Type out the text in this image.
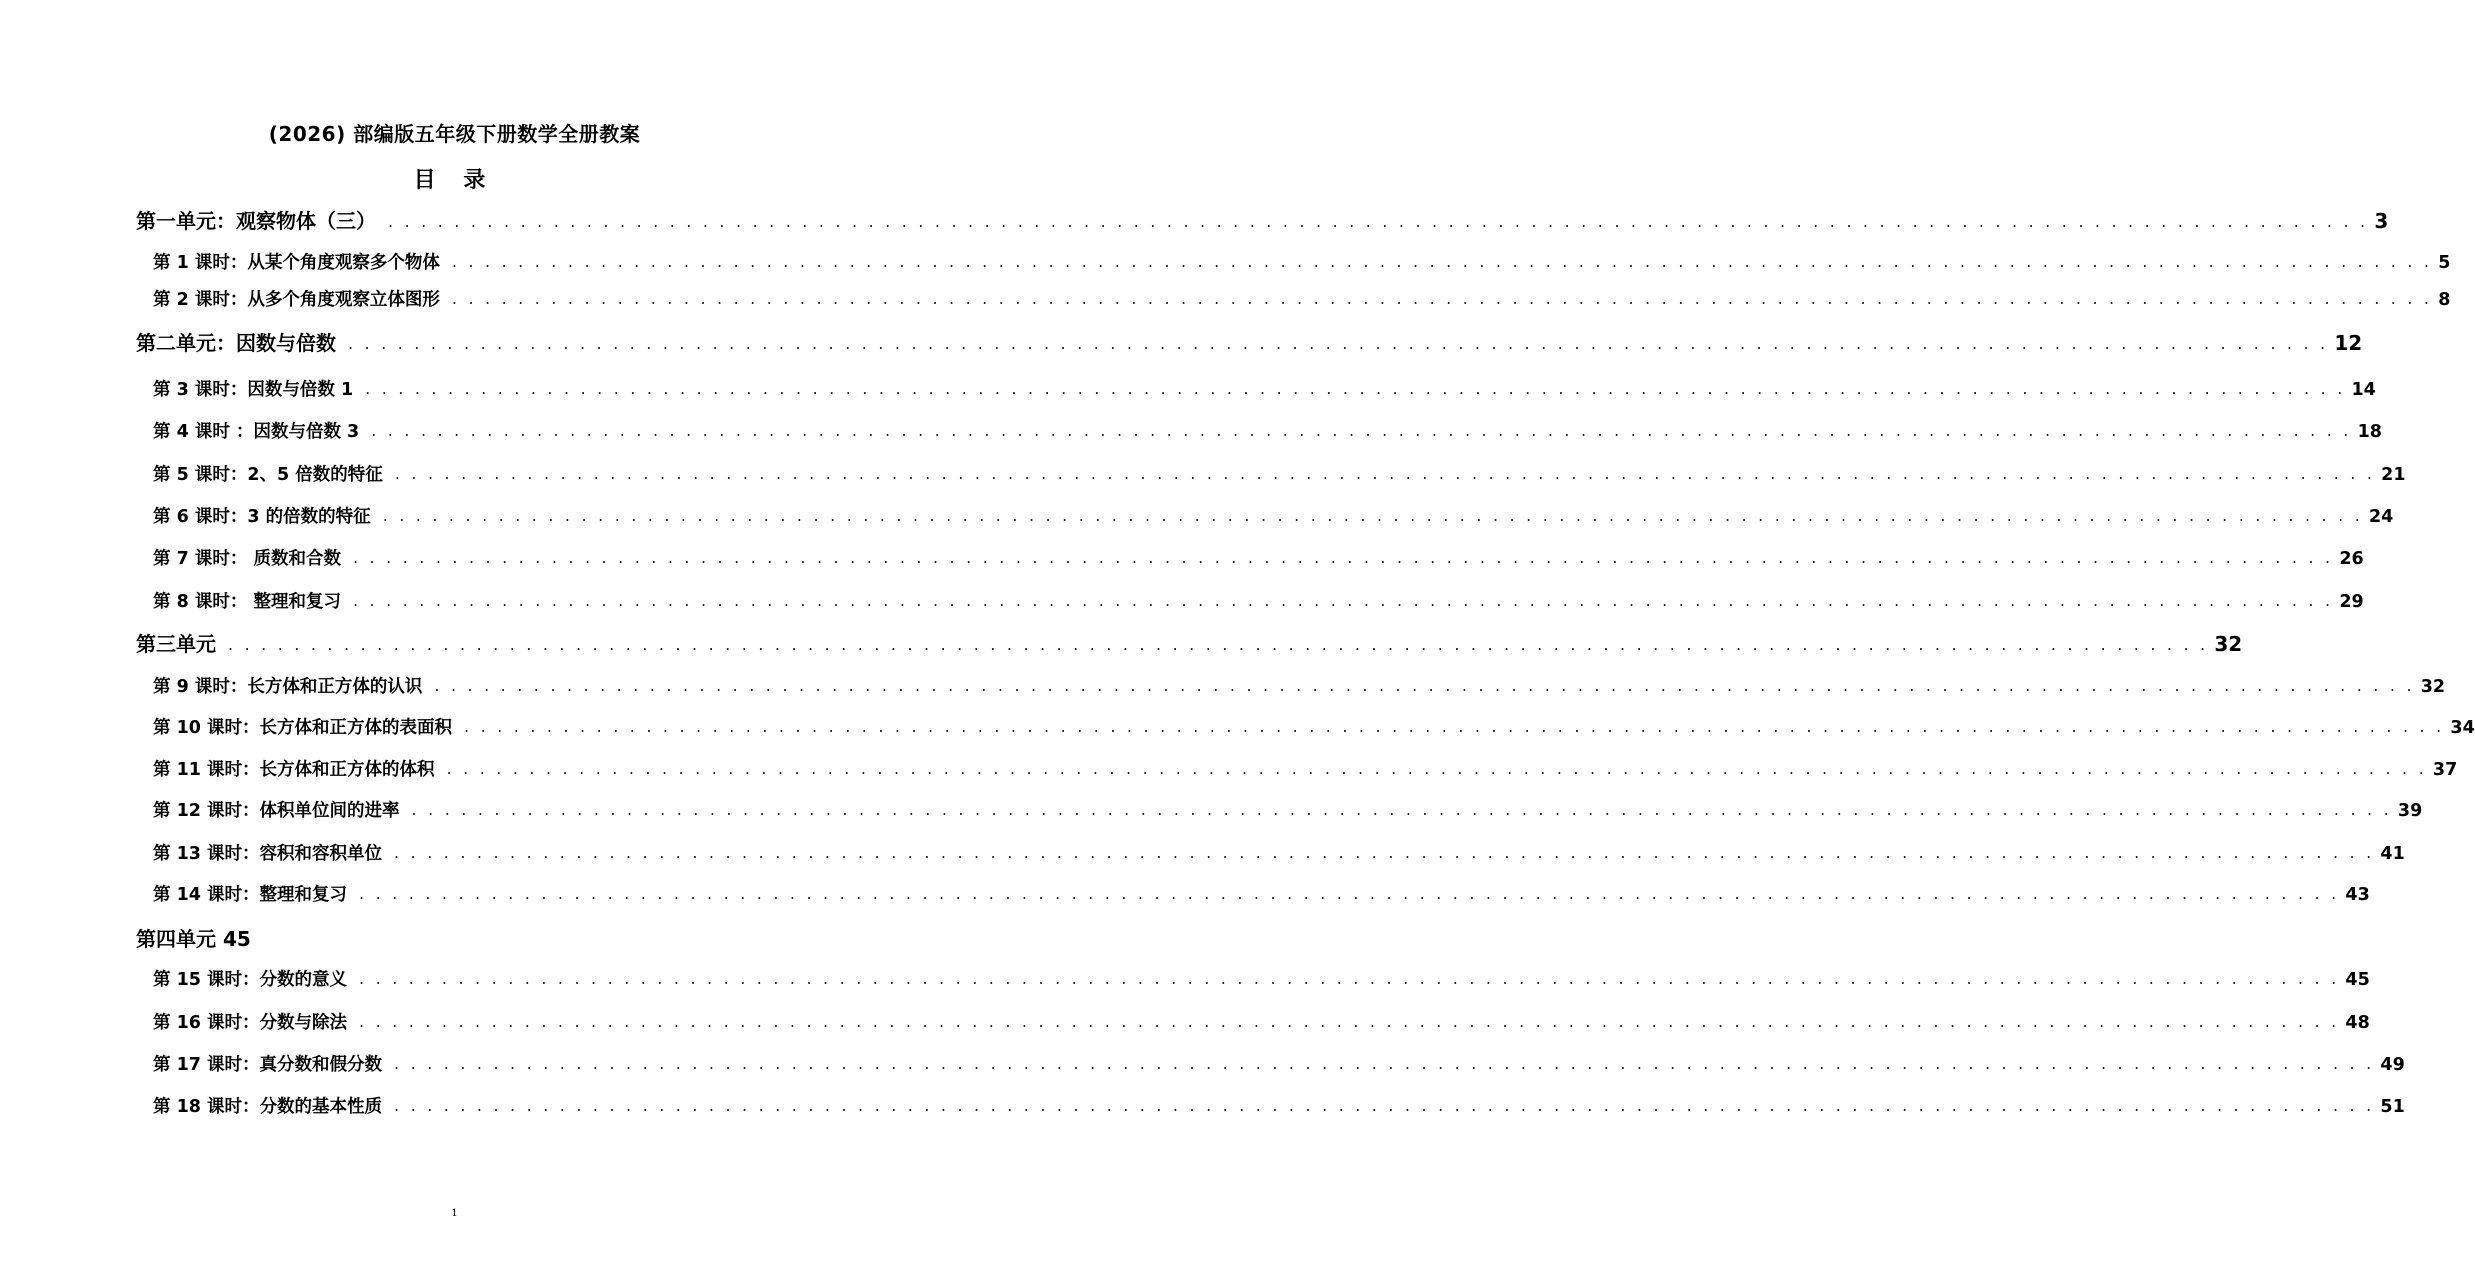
(2026) 部编版五年级下册数学全册教案
目 录
第一单元：观察物体（三） . . . . . . . . . . . . . . . . . . . . . . . . . . . . . . . . . . . . . . . . . . . . . . . . . . . . . . . . . . . . . . . . . . . . . . . . . . . . . . . . . . . . . . . . . . . . . . . . . . . . . . . . . . . . . . . . . . . . . . . . 3
第 1 课时：从某个角度观察多个物体 . . . . . . . . . . . . . . . . . . . . . . . . . . . . . . . . . . . . . . . . . . . . . . . . . . . . . . . . . . . . . . . . . . . . . . . . . . . . . . . . . . . . . . . . . . . . . . . . . . . . . . . . . . . . . . . . . . . . . . . . 5
第 2 课时：从多个角度观察立体图形 . . . . . . . . . . . . . . . . . . . . . . . . . . . . . . . . . . . . . . . . . . . . . . . . . . . . . . . . . . . . . . . . . . . . . . . . . . . . . . . . . . . . . . . . . . . . . . . . . . . . . . . . . . . . . . . . . . . . . . . . 8
第二单元：因数与倍数 . . . . . . . . . . . . . . . . . . . . . . . . . . . . . . . . . . . . . . . . . . . . . . . . . . . . . . . . . . . . . . . . . . . . . . . . . . . . . . . . . . . . . . . . . . . . . . . . . . . . . . . . . . . . . . . . . . . . . . . . 12
第 3 课时：因数与倍数 1 . . . . . . . . . . . . . . . . . . . . . . . . . . . . . . . . . . . . . . . . . . . . . . . . . . . . . . . . . . . . . . . . . . . . . . . . . . . . . . . . . . . . . . . . . . . . . . . . . . . . . . . . . . . . . . . . . . . . . . . . 14
第 4 课时 ：因数与倍数 3 . . . . . . . . . . . . . . . . . . . . . . . . . . . . . . . . . . . . . . . . . . . . . . . . . . . . . . . . . . . . . . . . . . . . . . . . . . . . . . . . . . . . . . . . . . . . . . . . . . . . . . . . . . . . . . . . . . . . . . . . 18
第 5 课时：2、5 倍数的特征 . . . . . . . . . . . . . . . . . . . . . . . . . . . . . . . . . . . . . . . . . . . . . . . . . . . . . . . . . . . . . . . . . . . . . . . . . . . . . . . . . . . . . . . . . . . . . . . . . . . . . . . . . . . . . . . . . . . . . . . . 21
第 6 课时：3 的倍数的特征 . . . . . . . . . . . . . . . . . . . . . . . . . . . . . . . . . . . . . . . . . . . . . . . . . . . . . . . . . . . . . . . . . . . . . . . . . . . . . . . . . . . . . . . . . . . . . . . . . . . . . . . . . . . . . . . . . . . . . . . . 24
第 7 课时： 质数和合数 . . . . . . . . . . . . . . . . . . . . . . . . . . . . . . . . . . . . . . . . . . . . . . . . . . . . . . . . . . . . . . . . . . . . . . . . . . . . . . . . . . . . . . . . . . . . . . . . . . . . . . . . . . . . . . . . . . . . . . . . 26
第 8 课时： 整理和复习 . . . . . . . . . . . . . . . . . . . . . . . . . . . . . . . . . . . . . . . . . . . . . . . . . . . . . . . . . . . . . . . . . . . . . . . . . . . . . . . . . . . . . . . . . . . . . . . . . . . . . . . . . . . . . . . . . . . . . . . . 29
第三单元 . . . . . . . . . . . . . . . . . . . . . . . . . . . . . . . . . . . . . . . . . . . . . . . . . . . . . . . . . . . . . . . . . . . . . . . . . . . . . . . . . . . . . . . . . . . . . . . . . . . . . . . . . . . . . . . . . . . . . . . . 32
第 9 课时：长方体和正方体的认识 . . . . . . . . . . . . . . . . . . . . . . . . . . . . . . . . . . . . . . . . . . . . . . . . . . . . . . . . . . . . . . . . . . . . . . . . . . . . . . . . . . . . . . . . . . . . . . . . . . . . . . . . . . . . . . . . . . . . . . . . 32
第 10 课时：长方体和正方体的表面积 . . . . . . . . . . . . . . . . . . . . . . . . . . . . . . . . . . . . . . . . . . . . . . . . . . . . . . . . . . . . . . . . . . . . . . . . . . . . . . . . . . . . . . . . . . . . . . . . . . . . . . . . . . . . . . . . . . . . . . . . 34
第 11 课时：长方体和正方体的体积 . . . . . . . . . . . . . . . . . . . . . . . . . . . . . . . . . . . . . . . . . . . . . . . . . . . . . . . . . . . . . . . . . . . . . . . . . . . . . . . . . . . . . . . . . . . . . . . . . . . . . . . . . . . . . . . . . . . . . . . . 37
第 12 课时：体积单位间的进率 . . . . . . . . . . . . . . . . . . . . . . . . . . . . . . . . . . . . . . . . . . . . . . . . . . . . . . . . . . . . . . . . . . . . . . . . . . . . . . . . . . . . . . . . . . . . . . . . . . . . . . . . . . . . . . . . . . . . . . . . 39
第 13 课时：容积和容积单位 . . . . . . . . . . . . . . . . . . . . . . . . . . . . . . . . . . . . . . . . . . . . . . . . . . . . . . . . . . . . . . . . . . . . . . . . . . . . . . . . . . . . . . . . . . . . . . . . . . . . . . . . . . . . . . . . . . . . . . . . 41
第 14 课时：整理和复习 . . . . . . . . . . . . . . . . . . . . . . . . . . . . . . . . . . . . . . . . . . . . . . . . . . . . . . . . . . . . . . . . . . . . . . . . . . . . . . . . . . . . . . . . . . . . . . . . . . . . . . . . . . . . . . . . . . . . . . . . 43
第四单元 45
第 15 课时：分数的意义 . . . . . . . . . . . . . . . . . . . . . . . . . . . . . . . . . . . . . . . . . . . . . . . . . . . . . . . . . . . . . . . . . . . . . . . . . . . . . . . . . . . . . . . . . . . . . . . . . . . . . . . . . . . . . . . . . . . . . . . . 45
第 16 课时：分数与除法 . . . . . . . . . . . . . . . . . . . . . . . . . . . . . . . . . . . . . . . . . . . . . . . . . . . . . . . . . . . . . . . . . . . . . . . . . . . . . . . . . . . . . . . . . . . . . . . . . . . . . . . . . . . . . . . . . . . . . . . . 48
第 17 课时：真分数和假分数 . . . . . . . . . . . . . . . . . . . . . . . . . . . . . . . . . . . . . . . . . . . . . . . . . . . . . . . . . . . . . . . . . . . . . . . . . . . . . . . . . . . . . . . . . . . . . . . . . . . . . . . . . . . . . . . . . . . . . . . . 49
第 18 课时：分数的基本性质 . . . . . . . . . . . . . . . . . . . . . . . . . . . . . . . . . . . . . . . . . . . . . . . . . . . . . . . . . . . . . . . . . . . . . . . . . . . . . . . . . . . . . . . . . . . . . . . . . . . . . . . . . . . . . . . . . . . . . . . . 51
1
